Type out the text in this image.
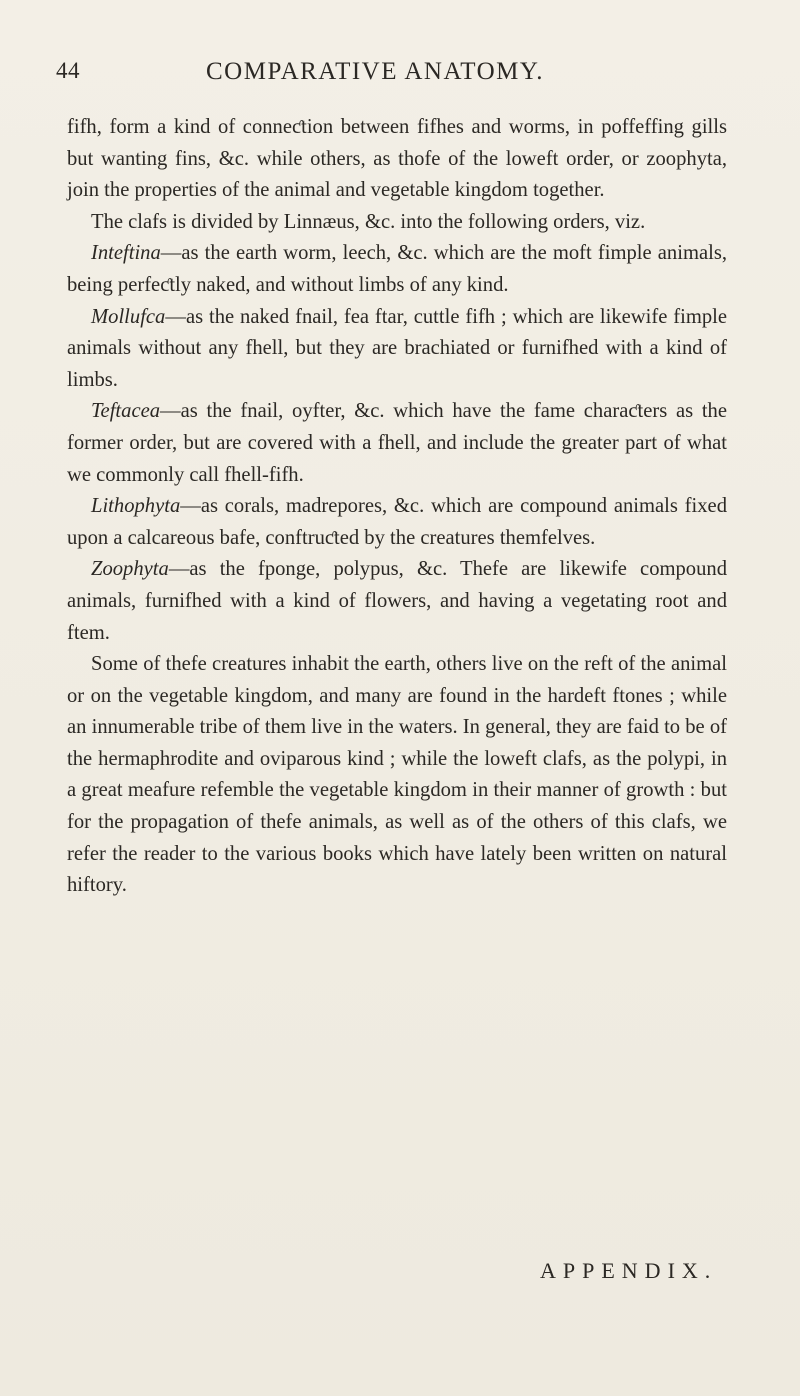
44	COMPARATIVE ANATOMY.

fifh, form a kind of conneƈtion between fifhes and worms, in poffeffing gills but wanting fins, &c. while others, as thofe of the loweft order, or zoophyta, join the properties of the animal and vegetable kingdom together.

The clafs is divided by Linnæus, &c. into the following orders, viz.

Inteftina—as the earth worm, leech, &c. which are the moft fimple animals, being perfeƈtly naked, and without limbs of any kind.

Mollufca—as the naked fnail, fea ftar, cuttle fifh ; which are likewife fimple animals without any fhell, but they are brachiated or furnifhed with a kind of limbs.

Teftacea—as the fnail, oyfter, &c. which have the fame charaƈters as the former order, but are covered with a fhell, and include the greater part of what we commonly call fhell-fifh.

Lithophyta—as corals, madrepores, &c. which are compound animals fixed upon a calcareous bafe, conftruƈted by the creatures themfelves.

Zoophyta—as the fponge, polypus, &c. Thefe are likewife compound animals, furnifhed with a kind of flowers, and having a vegetating root and ftem.

Some of thefe creatures inhabit the earth, others live on the reft of the animal or on the vegetable kingdom, and many are found in the hardeft ftones ; while an innumerable tribe of them live in the waters. In general, they are faid to be of the hermaphrodite and oviparous kind ; while the loweft clafs, as the polypi, in a great meafure refemble the vegetable kingdom in their manner of growth : but for the propagation of thefe animals, as well as of the others of this clafs, we refer the reader to the various books which have lately been written on natural hiftory.

APPENDIX.
